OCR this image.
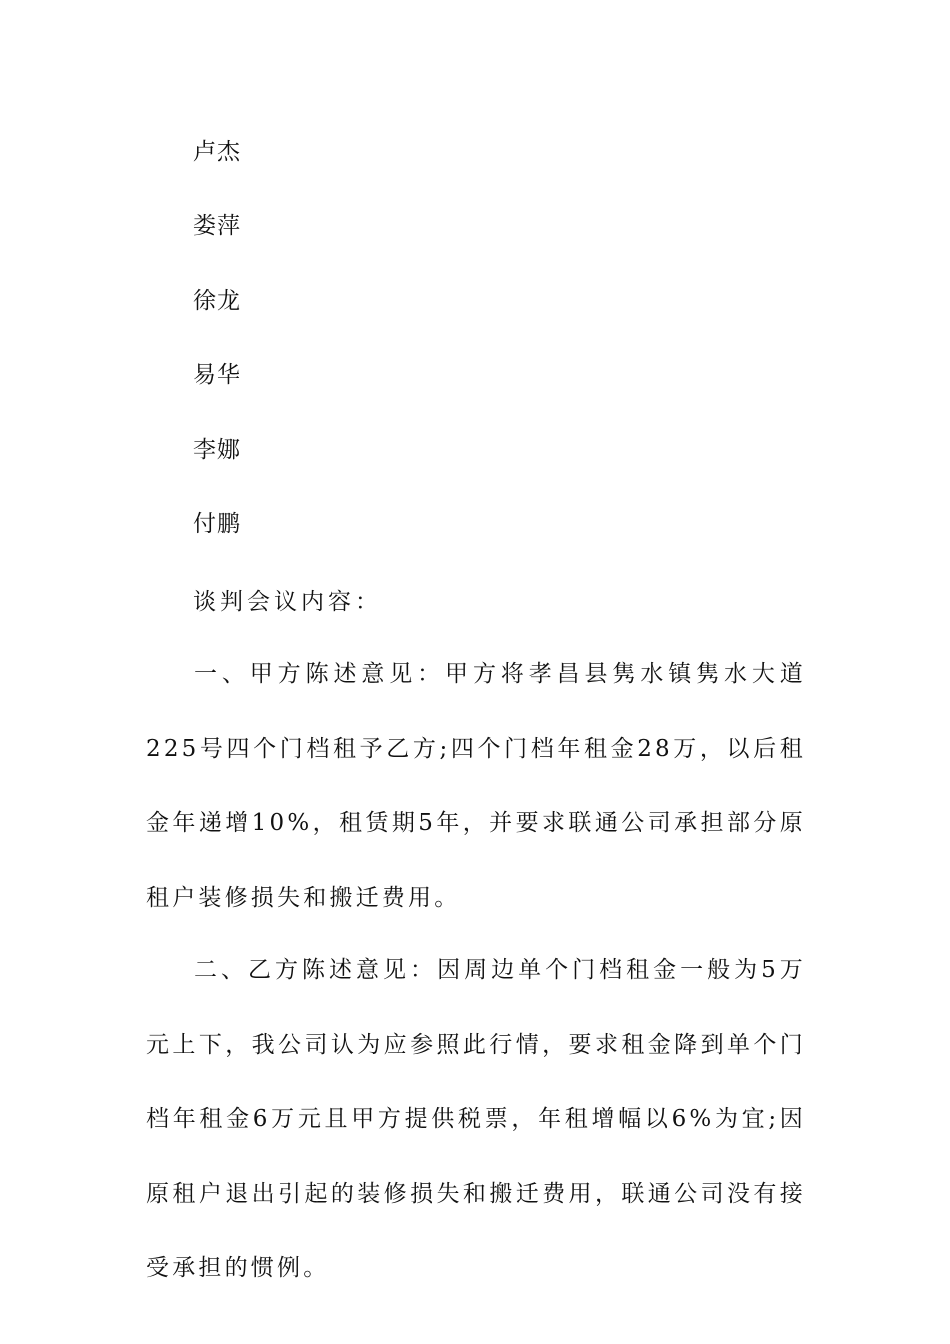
卢杰
娄萍
徐龙
易华
李娜
付鹏
谈判会议内容：

一、甲方陈述意见：甲方将孝昌县隽水镇隽水大道225号四个门档租予乙方;四个门档年租金28万，以后租金年递增10%，租赁期5年，并要求联通公司承担部分原租户装修损失和搬迁费用。

二、乙方陈述意见：因周边单个门档租金一般为5万元上下，我公司认为应参照此行情，要求租金降到单个门档年租金6万元且甲方提供税票，年租增幅以6%为宜;因原租户退出引起的装修损失和搬迁费用，联通公司没有接受承担的惯例。
